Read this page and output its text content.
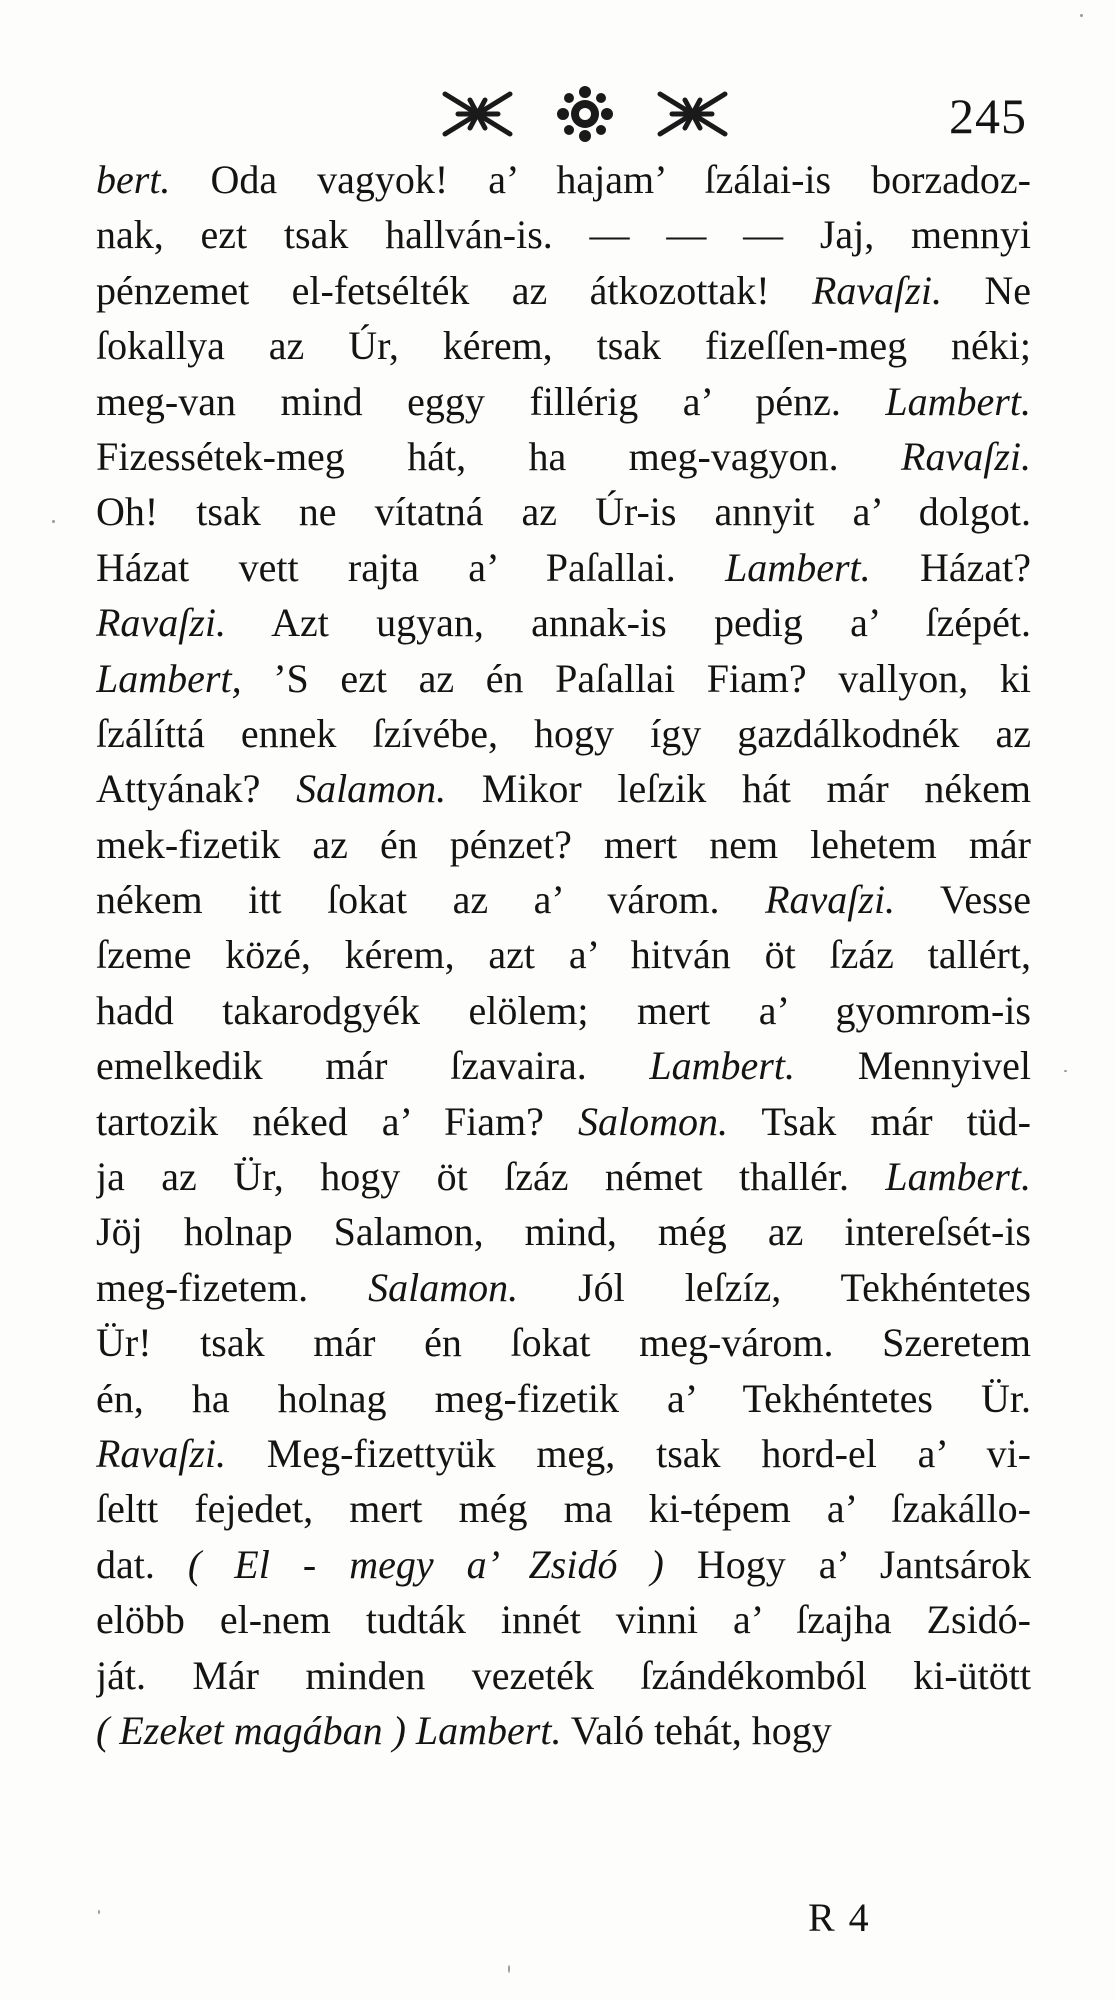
245
bert. Oda vagyok! a’ hajam’ ſzálai-is borzadoz-
nak, ezt tsak hallván-is. — — — Jaj, mennyi
pénzemet el-fetsélték az átkozottak! Ravaſzi. Ne
ſokallya az Úr, kérem, tsak fizeſſen-meg néki;
meg-van mind eggy fillérig a’ pénz. Lambert.
Fizessétek-meg hát, ha meg-vagyon. Ravaſzi.
Oh! tsak ne vítatná az Úr-is annyit a’ dolgot.
Házat vett rajta a’ Paſallai. Lambert. Házat?
Ravaſzi. Azt ugyan, annak-is pedig a’ ſzépét.
Lambert, ’S ezt az én Paſallai Fiam? vallyon, ki
ſzálíttá ennek ſzívébe, hogy így gazdálkodnék az
Attyának? Salamon. Mikor leſzik hát már nékem
mek-fizetik az én pénzet? mert nem lehetem már
nékem itt ſokat az a’ várom. Ravaſzi. Vesse
ſzeme közé, kérem, azt a’ hitván öt ſzáz tallért,
hadd takarodgyék elölem; mert a’ gyomrom-is
emelkedik már ſzavaira. Lambert. Mennyivel
tartozik néked a’ Fiam? Salomon. Tsak már tüd-
ja az Ür, hogy öt ſzáz német thallér. Lambert.
Jöj holnap Salamon, mind, még az intereſsét-is
meg-fizetem. Salamon. Jól leſzíz, Tekhéntetes
Ür! tsak már én ſokat meg-várom. Szeretem
én, ha holnag meg-fizetik a’ Tekhéntetes Ür.
Ravaſzi. Meg-fizettyük meg, tsak hord-el a’ vi-
ſeltt fejedet, mert még ma ki-tépem a’ ſzakállo-
dat. ( El - megy a’ Zsidó ) Hogy a’ Jantsárok
elöbb el-nem tudták innét vinni a’ ſzajha Zsidó-
ját. Már minden vezeték ſzándékomból ki-ütött
( Ezeket magában ) Lambert. Való tehát, hogy
R 4
